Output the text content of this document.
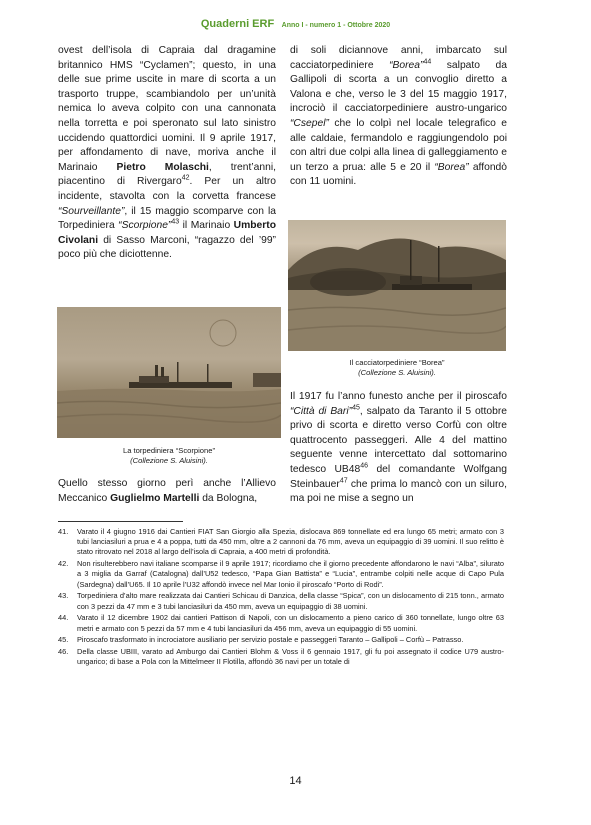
Quaderni ERF Anno I - numero 1 - Ottobre 2020

ovest dell’isola di Capraia dal dragamine britannico HMS “Cyclamen”; questo, in una delle sue prime uscite in mare di scorta a un trasporto truppe, scambiandolo per un’unità nemica lo aveva colpito con una cannonata nella torretta e poi speronato sul lato sinistro uccidendo quattordici uomini. Il 9 aprile 1917, per affondamento di nave, moriva anche il Marinaio Pietro Molaschi, trent’anni, piacentino di Rivergaro$^{42}$. Per un altro incidente, stavolta con la corvetta francese “Sourveillante”, il 15 maggio scomparve con la Torpediniera “Scorpione”$^{43}$ il Marinaio Umberto Civolani di Sasso Marconi, “ragazzo del ’99” poco più che diciottenne.

La torpediniera “Scorpione”
(Collezione S. Aluisini).

Quello stesso giorno perì anche l’Allievo Meccanico Guglielmo Martelli da Bologna,

di soli diciannove anni, imbarcato sul cacciatorpediniere “Borea”$^{44}$ salpato da Gallipoli di scorta a un convoglio diretto a Valona e che, verso le 3 del 15 maggio 1917, incrociò il cacciatorpediniere austro-ungarico “Csepel” che lo colpì nel locale telegrafico e alle caldaie, fermandolo e raggiungendolo poi con altri due colpi alla linea di galleggiamento e un terzo a prua: alle 5 e 20 il “Borea” affondò con 11 uomini.

Il cacciatorpediniere “Borea”
(Collezione S. Aluisini).

Il 1917 fu l’anno funesto anche per il piroscafo “Città di Bari”$^{45}$, salpato da Taranto il 5 ottobre privo di scorta e diretto verso Corfù con oltre quattrocento passeggeri. Alle 4 del mattino seguente venne intercettato dal sottomarino tedesco $UB48^{46}$ del comandante Wolfgang Steinbauer$^{47}$ che prima lo mancò con un siluro, ma poi ne mise a segno un

41.	Varato il 4 giugno 1916 dai Cantieri FIAT San Giorgio alla Spezia, dislocava 869 tonnellate ed era lungo 65 metri; armato con 3 tubi lanciasiluri a prua e 4 a poppa, tutti da 450 mm, oltre a 2 cannoni da 76 mm, aveva un equipaggio di 39 uomini. Il suo relitto è stato ritrovato nel 2018 al largo dell’isola di Capraia, a 400 metri di profondità.
42.	Non risulterebbero navi italiane scomparse il 9 aprile 1917; ricordiamo che il giorno precedente affondarono le navi “Alba”, silurato a 3 miglia da Garraf (Catalogna) dall’U52 tedesco, “Papa Gian Battista” e “Lucia”, entrambe colpiti nelle acque di Capo Pula (Sardegna) dall’U65. Il 10 aprile l’U32 affondò invece nel Mar Ionio il piroscafo “Porto di Rodi”.
43.	Torpediniera d’alto mare realizzata dai Cantieri Schicau di Danzica, della classe “Spica”, con un dislocamento di 215 tonn., armato con 3 pezzi da 47 mm e 3 tubi lanciasiluri da 450 mm, aveva un equipaggio di 38 uomini.
44.	Varato il 12 dicembre 1902 dai cantieri Pattison di Napoli, con un dislocamento a pieno carico di 360 tonnellate, lungo oltre 63 metri e armato con 5 pezzi da 57 mm e 4 tubi lanciasiluri da 456 mm, aveva un equipaggio di 55 uomini.
45.	Piroscafo trasformato in incrociatore ausiliario per servizio postale e passeggeri Taranto – Gallipoli – Corfù – Patrasso.
46.	Della classe UBIII, varato ad Amburgo dai Cantieri Blohm & Voss il 6 gennaio 1917, gli fu poi assegnato il codice U79 austro-ungarico; di base a Pola con la Mittelmeer II Flotilla, affondò 36 navi per un totale di
14
